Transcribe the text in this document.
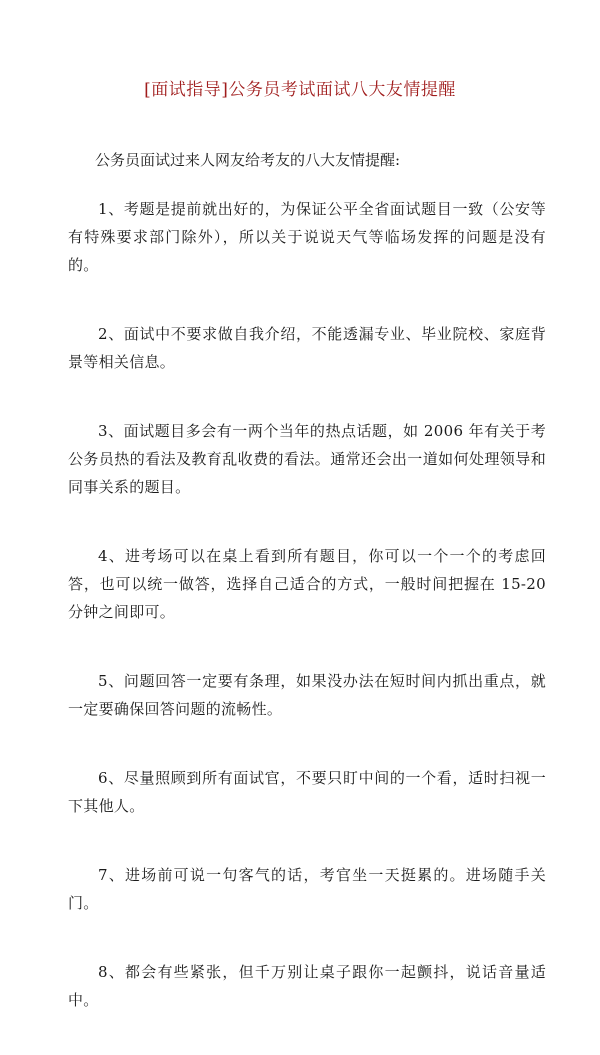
[面试指导]公务员考试面试八大友情提醒

公务员面试过来人网友给考友的八大友情提醒:

1、考题是提前就出好的，为保证公平全省面试题目一致（公安等有特殊要求部门除外），所以关于说说天气等临场发挥的问题是没有的。
2、面试中不要求做自我介绍，不能透漏专业、毕业院校、家庭背景等相关信息。
3、面试题目多会有一两个当年的热点话题，如 2006 年有关于考公务员热的看法及教育乱收费的看法。通常还会出一道如何处理领导和同事关系的题目。
4、进考场可以在桌上看到所有题目，你可以一个一个的考虑回答，也可以统一做答，选择自己适合的方式，一般时间把握在 15-20 分钟之间即可。
5、问题回答一定要有条理，如果没办法在短时间内抓出重点，就一定要确保回答问题的流畅性。
6、尽量照顾到所有面试官，不要只盯中间的一个看，适时扫视一下其他人。
7、进场前可说一句客气的话，考官坐一天挺累的。进场随手关门。
8、都会有些紧张，但千万别让桌子跟你一起颤抖，说话音量适中。
